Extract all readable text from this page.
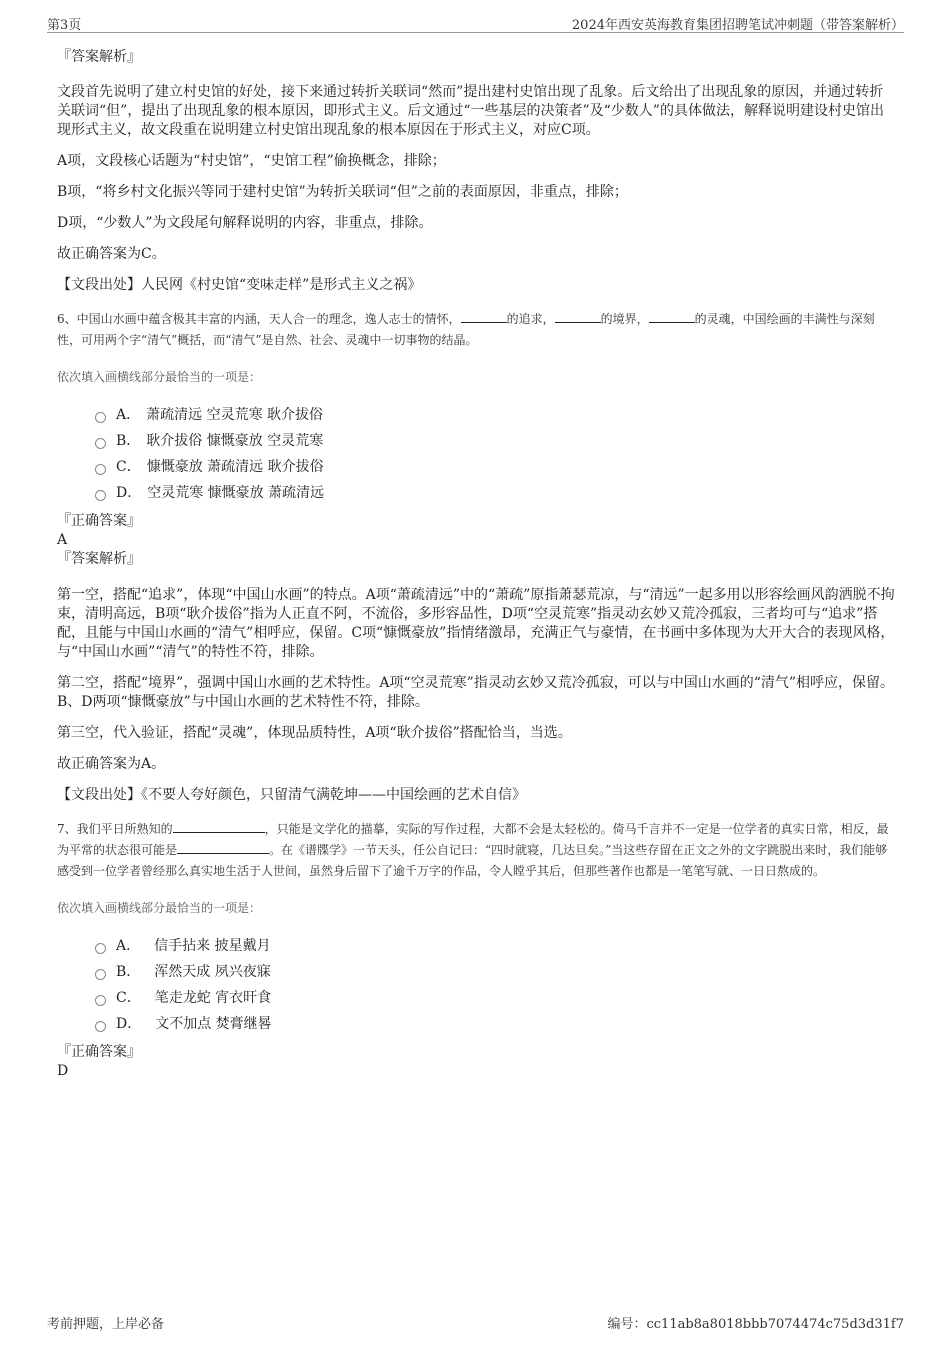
第3页	2024年西安英海教育集团招聘笔试冲刺题（带答案解析）

『答案解析』

文段首先说明了建立村史馆的好处，接下来通过转折关联词“然而”提出建村史馆出现了乱象。后文给出了出现乱象的原因，并通过转折关联词“但”，提出了出现乱象的根本原因，即形式主义。后文通过“一些基层的决策者”及“少数人”的具体做法，解释说明建设村史馆出现形式主义，故文段重在说明建立村史馆出现乱象的根本原因在于形式主义，对应C项。

A项，文段核心话题为“村史馆”，“史馆工程”偷换概念，排除；

B项，“将乡村文化振兴等同于建村史馆”为转折关联词“但”之前的表面原因，非重点，排除；

D项，“少数人”为文段尾句解释说明的内容，非重点，排除。

故正确答案为C。

【文段出处】人民网《村史馆“变味走样”是形式主义之祸》

6、中国山水画中蕴含极其丰富的内涵，天人合一的理念，逸人志士的情怀，	的追求，	的境界，	的灵魂，中国绘画的丰满性与深刻性，可用两个字“清气”概括，而“清气”是自然、社会、灵魂中一切事物的结晶。

依次填入画横线部分最恰当的一项是：

A． 萧疏清远 空灵荒寒 耿介拔俗
B． 耿介拔俗 慷慨豪放 空灵荒寒
C． 慷慨豪放 萧疏清远 耿介拔俗
D． 空灵荒寒 慷慨豪放 萧疏清远

『正确答案』

A

『答案解析』

第一空，搭配“追求”，体现“中国山水画”的特点。A项“萧疏清远”中的“萧疏”原指萧瑟荒凉，与“清远”一起多用以形容绘画风韵洒脱不拘束，清明高远，B项“耿介拔俗”指为人正直不阿，不流俗，多形容品性，D项“空灵荒寒”指灵动玄妙又荒冷孤寂，三者均可与“追求”搭配，且能与中国山水画的“清气”相呼应，保留。C项“慷慨豪放”指情绪激昂，充满正气与豪情，在书画中多体现为大开大合的表现风格，与“中国山水画”“清气”的特性不符，排除。

第二空，搭配“境界”，强调中国山水画的艺术特性。A项“空灵荒寒”指灵动玄妙又荒冷孤寂，可以与中国山水画的“清气”相呼应，保留。B、D两项“慷慨豪放”与中国山水画的艺术特性不符，排除。

第三空，代入验证，搭配“灵魂”，体现品质特性，A项“耿介拔俗”搭配恰当，当选。

故正确答案为A。

【文段出处】《不要人夸好颜色，只留清气满乾坤——中国绘画的艺术自信》

7、我们平日所熟知的	，只能是文学化的描摹，实际的写作过程，大都不会是太轻松的。倚马千言并不一定是一位学者的真实日常，相反，最为平常的状态很可能是	。在《谱牒学》一节天头，任公自记曰：“四时就寝，几达旦矣。”当这些存留在正文之外的文字跳脱出来时，我们能够感受到一位学者曾经那么真实地生活于人世间，虽然身后留下了逾千万字的作品，令人瞠乎其后，但那些著作也都是一笔笔写就、一日日熬成的。

依次填入画横线部分最恰当的一项是：

A． 信手拈来 披星戴月
B． 浑然天成 夙兴夜寐
C． 笔走龙蛇 宵衣旰食
D． 文不加点 焚膏继晷

『正确答案』

D

考前押题，上岸必备	编号：cc11ab8a8018bbb7074474c75d3d31f7
